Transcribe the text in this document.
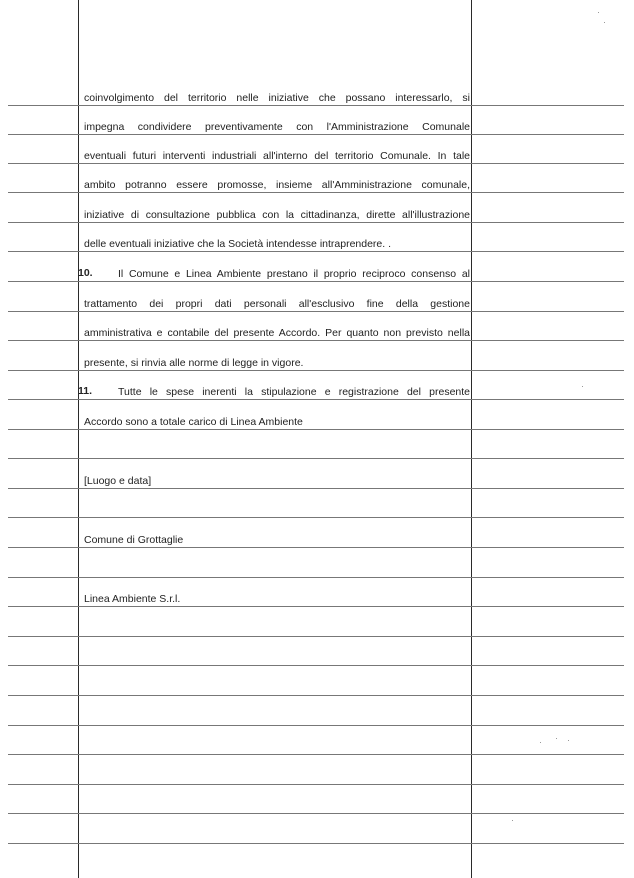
coinvolgimento del territorio nelle iniziative che possano interessarlo, si
impegna condividere preventivamente con l'Amministrazione Comunale
eventuali futuri interventi industriali all'interno del territorio Comunale. In tale
ambito potranno essere promosse, insieme all'Amministrazione comunale,
iniziative di consultazione pubblica con la cittadinanza, dirette all'illustrazione
delle eventuali iniziative che la Società intendesse intraprendere. .
10. Il Comune e Linea Ambiente prestano il proprio reciproco consenso al
trattamento dei propri dati personali all'esclusivo fine della gestione
amministrativa e contabile del presente Accordo. Per quanto non previsto nella
presente, si rinvia alle norme di legge in vigore.
11. Tutte le spese inerenti la stipulazione e registrazione del presente
Accordo sono a totale carico di Linea Ambiente
[Luogo e data]
Comune di Grottaglie
Linea Ambiente S.r.l.
